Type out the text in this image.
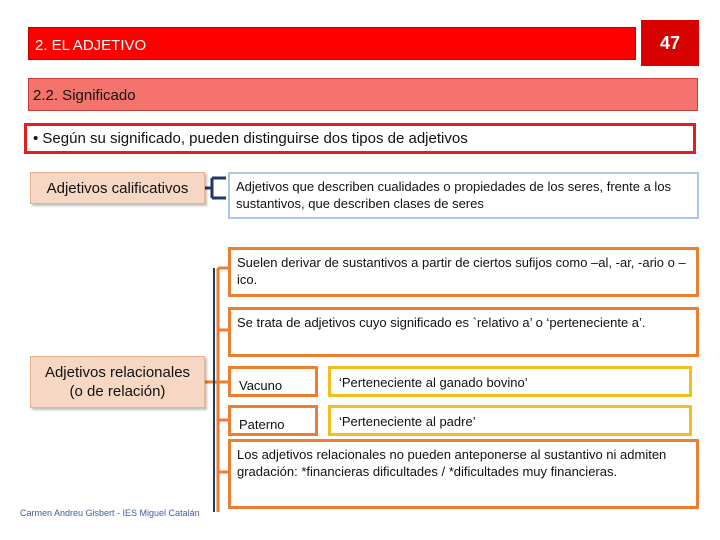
2. EL ADJETIVO	47
2.2. Significado
• Según su significado, pueden distinguirse dos tipos de adjetivos
Adjetivos calificativos
Adjetivos relacionales
(o de relación)
Adjetivos que describen cualidades o propiedades de los seres, frente a los sustantivos, que describen clases de seres
Suelen derivar de sustantivos a partir de ciertos sufijos como –al, -ar, -ario o –ico.
Se trata de adjetivos cuyo significado es `relativo a’ o ‘perteneciente a’.
Vacuno	‘Perteneciente al ganado bovino’
Paterno	‘Perteneciente al padre’
Los adjetivos relacionales no pueden anteponerse al sustantivo ni admiten gradación: *financieras dificultades / *dificultades muy financieras.
Carmen Andreu Gisbert - IES Miguel Catalán
